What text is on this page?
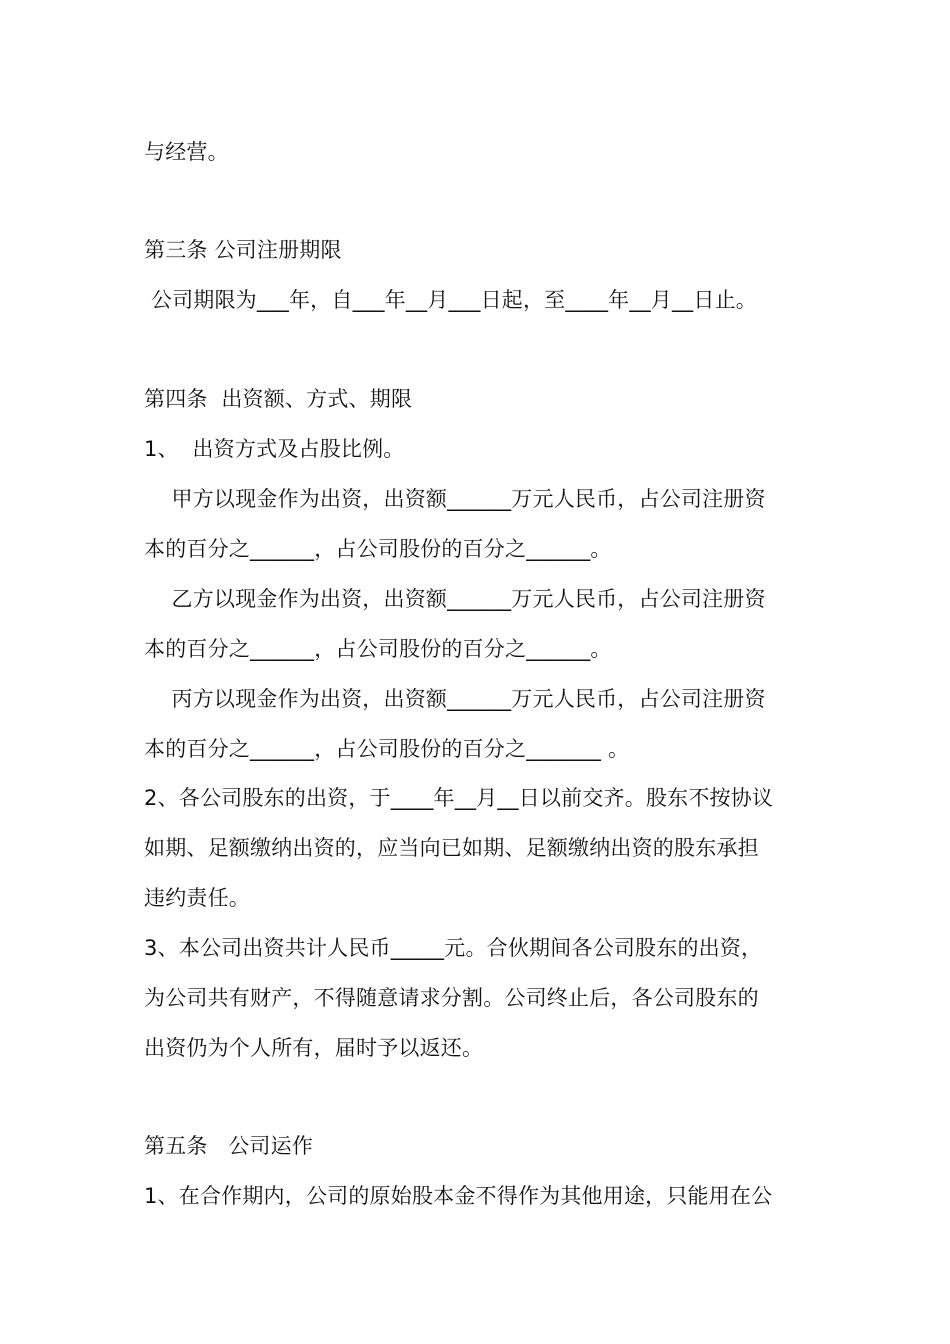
与经营。
第三条 公司注册期限
公司期限为___年，自___年__月___日起，至____年__月__日止。
第四条  出资额、方式、期限
1、  出资方式及占股比例。
甲方以现金作为出资，出资额______万元人民币，占公司注册资
本的百分之______，占公司股份的百分之______。
乙方以现金作为出资，出资额______万元人民币，占公司注册资
本的百分之______，占公司股份的百分之______。
丙方以现金作为出资，出资额______万元人民币，占公司注册资
本的百分之______，占公司股份的百分之_______ 。
2、各公司股东的出资，于____年__月__日以前交齐。股东不按协议
如期、足额缴纳出资的，应当向已如期、足额缴纳出资的股东承担
违约责任。
3、本公司出资共计人民币_____元。合伙期间各公司股东的出资，
为公司共有财产，不得随意请求分割。公司终止后，各公司股东的
出资仍为个人所有，届时予以返还。
第五条   公司运作
1、在合作期内，公司的原始股本金不得作为其他用途，只能用在公
